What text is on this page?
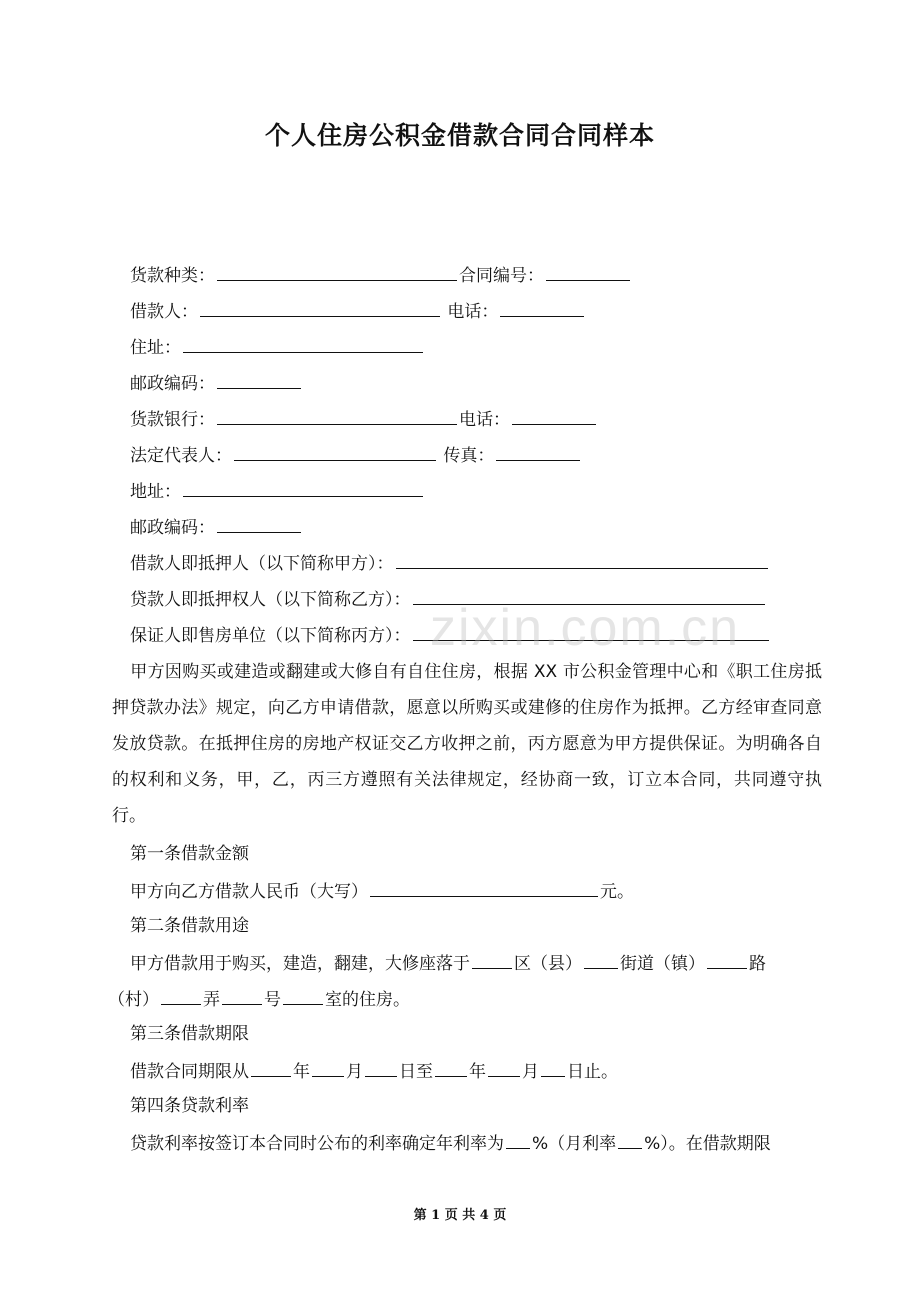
个人住房公积金借款合同合同样本
货款种类：	合同编号：
借款人：	电话：
住址：
邮政编码：
货款银行：	电话：
法定代表人：	传真：
地址：
邮政编码：
借款人即抵押人（以下简称甲方）：
贷款人即抵押权人（以下简称乙方）：
保证人即售房单位（以下简称丙方）： zixin.com.cn
甲方因购买或建造或翻建或大修自有自住住房，根据 XX 市公积金管理中心和《职工住房抵押贷款办法》规定，向乙方申请借款，愿意以所购买或建修的住房作为抵押。乙方经审查同意发放贷款。在抵押住房的房地产权证交乙方收押之前，丙方愿意为甲方提供保证。为明确各自的权利和义务，甲，乙，丙三方遵照有关法律规定，经协商一致，订立本合同，共同遵守执行。
第一条借款金额
甲方向乙方借款人民币（大写）	元。
第二条借款用途
甲方借款用于购买，建造，翻建，大修座落于	区（县） 街道（镇）	路
（村）	弄	号	室的住房。
第三条借款期限
借款合同期限从	年 月 日至 年 月 日止。
第四条贷款利率
贷款利率按签订本合同时公布的利率确定年利率为 %（月利率 %）。在借款期限
第 1 页 共 4 页
